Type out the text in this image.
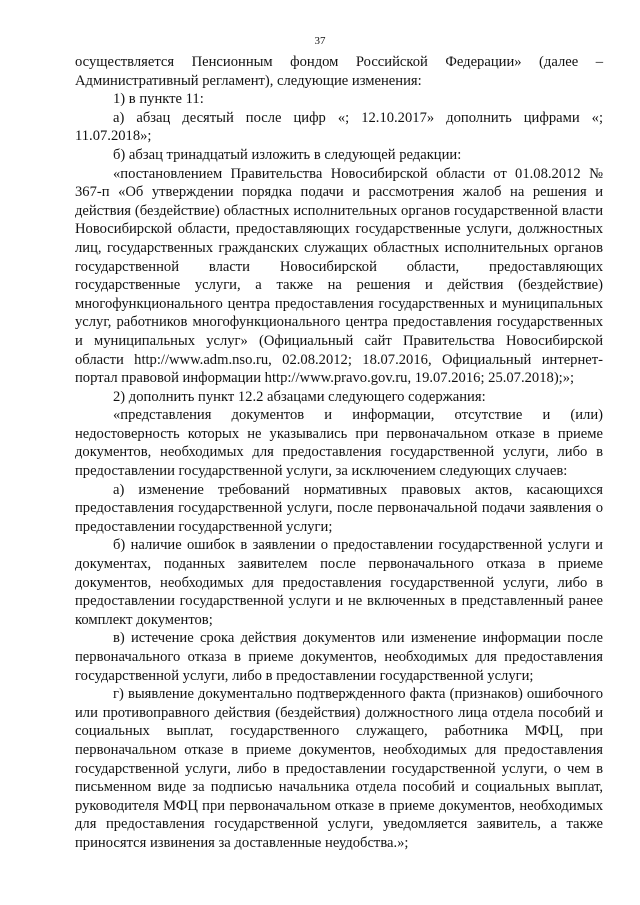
37

осуществляется Пенсионным фондом Российской Федерации» (далее – Административный регламент), следующие изменения:

1) в пункте 11:

а) абзац десятый после цифр «; 12.10.2017» дополнить цифрами «; 11.07.2018»;

б) абзац тринадцатый изложить в следующей редакции:

«постановлением Правительства Новосибирской области от 01.08.2012 № 367-п «Об утверждении порядка подачи и рассмотрения жалоб на решения и действия (бездействие) областных исполнительных органов государственной власти Новосибирской области, предоставляющих государственные услуги, должностных лиц, государственных гражданских служащих областных исполнительных органов государственной власти Новосибирской области, предоставляющих государственные услуги, а также на решения и действия (бездействие) многофункционального центра предоставления государственных и муниципальных услуг, работников многофункционального центра предоставления государственных и муниципальных услуг» (Официальный сайт Правительства Новосибирской области http://www.adm.nso.ru, 02.08.2012; 18.07.2016, Официальный интернет-портал правовой информации http://www.pravo.gov.ru, 19.07.2016; 25.07.2018);»;

2) дополнить пункт 12.2 абзацами следующего содержания:

«представления документов и информации, отсутствие и (или) недостоверность которых не указывались при первоначальном отказе в приеме документов, необходимых для предоставления государственной услуги, либо в предоставлении государственной услуги, за исключением следующих случаев:

а) изменение требований нормативных правовых актов, касающихся предоставления государственной услуги, после первоначальной подачи заявления о предоставлении государственной услуги;

б) наличие ошибок в заявлении о предоставлении государственной услуги и документах, поданных заявителем после первоначального отказа в приеме документов, необходимых для предоставления государственной услуги, либо в предоставлении государственной услуги и не включенных в представленный ранее комплект документов;

в) истечение срока действия документов или изменение информации после первоначального отказа в приеме документов, необходимых для предоставления государственной услуги, либо в предоставлении государственной услуги;

г) выявление документально подтвержденного факта (признаков) ошибочного или противоправного действия (бездействия) должностного лица отдела пособий и социальных выплат, государственного служащего, работника МФЦ, при первоначальном отказе в приеме документов, необходимых для предоставления государственной услуги, либо в предоставлении государственной услуги, о чем в письменном виде за подписью начальника отдела пособий и социальных выплат, руководителя МФЦ при первоначальном отказе в приеме документов, необходимых для предоставления государственной услуги, уведомляется заявитель, а также приносятся извинения за доставленные неудобства.»;
